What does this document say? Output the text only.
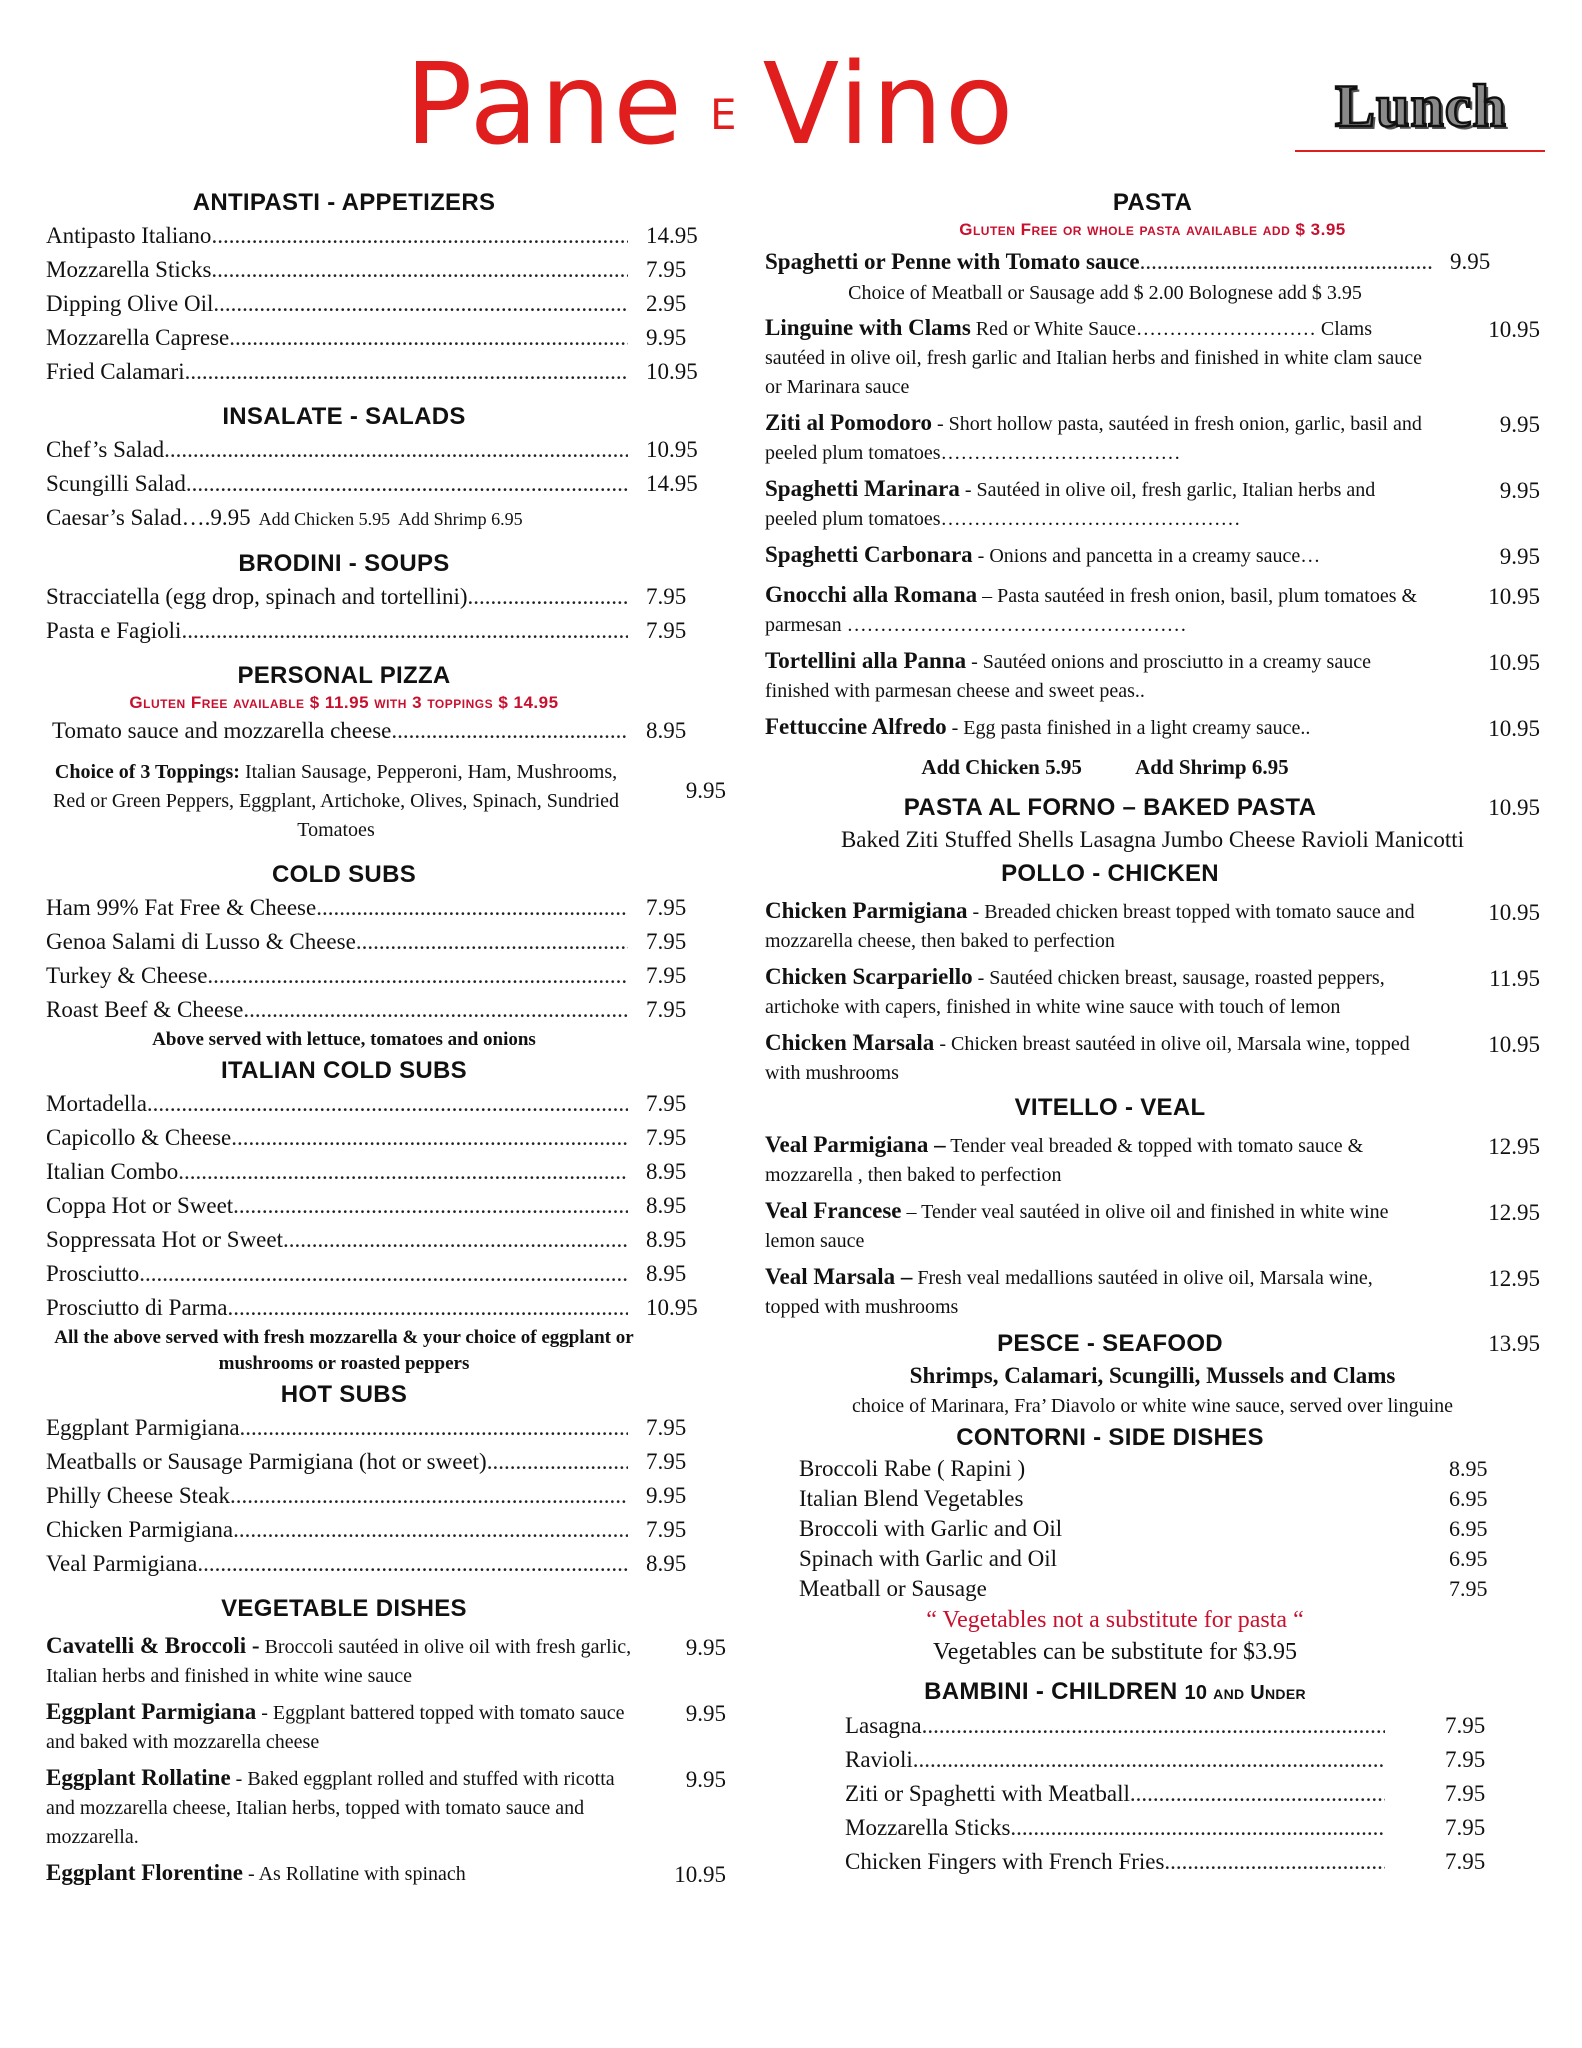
Pane E Vino	Lunch
ANTIPASTI - APPETIZERS
Antipasto Italiano .....	14.95
Mozzarella Sticks .....	7.95
Dipping Olive Oil .....	2.95
Mozzarella Caprese .....	9.95
Fried Calamari .....	10.95
INSALATE - SALADS
Chef’s Salad .....	10.95
Scungilli Salad .....	14.95
Caesar’s Salad….9.95 Add Chicken 5.95 Add Shrimp 6.95
BRODINI - SOUPS
Stracciatella (egg drop, spinach and tortellini) .....	7.95
Pasta e Fagioli .....	7.95
PERSONAL PIZZA
Gluten Free available $ 11.95 with 3 toppings $ 14.95
Tomato sauce and mozzarella cheese .....	8.95
Choice of 3 Toppings: Italian Sausage, Pepperoni, Ham, Mushrooms, Red or Green Peppers, Eggplant, Artichoke, Olives, Spinach, Sundried Tomatoes
9.95
COLD SUBS
Ham 99% Fat Free & Cheese .....	7.95
Genoa Salami di Lusso & Cheese .....	7.95
Turkey & Cheese .....	7.95
Roast Beef & Cheese .....	7.95
Above served with lettuce, tomatoes and onions
ITALIAN COLD SUBS
Mortadella .....	7.95
Capicollo & Cheese .....	7.95
Italian Combo .....	8.95
Coppa Hot or Sweet .....	8.95
Soppressata Hot or Sweet .....	8.95
Prosciutto .....	8.95
Prosciutto di Parma .....	10.95
All the above served with fresh mozzarella & your choice of eggplant or mushrooms or roasted peppers
HOT SUBS
Eggplant Parmigiana .....	7.95
Meatballs or Sausage Parmigiana (hot or sweet) .....	7.95
Philly Cheese Steak .....	9.95
Chicken Parmigiana .....	7.95
Veal Parmigiana .....	8.95
VEGETABLE DISHES
Cavatelli & Broccoli - Broccoli sautéed in olive oil with fresh garlic, Italian herbs and finished in white wine sauce
9.95
Eggplant Parmigiana - Eggplant battered topped with tomato sauce and baked with mozzarella cheese
9.95
Eggplant Rollatine - Baked eggplant rolled and stuffed with ricotta and mozzarella cheese, Italian herbs, topped with tomato sauce and mozzarella.
9.95
Eggplant Florentine - As Rollatine with spinach	10.95
PASTA
Gluten Free or whole pasta available add $ 3.95
Spaghetti or Penne with Tomato sauce .....	9.95
Choice of Meatball or Sausage add $ 2.00 Bolognese add $ 3.95
Linguine with Clams Red or White Sauce……………………… Clams sautéed in olive oil, fresh garlic and Italian herbs and finished in white clam sauce or Marinara sauce
10.95
Ziti al Pomodoro - Short hollow pasta, sautéed in fresh onion, garlic, basil and peeled plum tomatoes………………………………
9.95
Spaghetti Marinara - Sautéed in olive oil, fresh garlic, Italian herbs and peeled plum tomatoes………………………………………
9.95
Spaghetti Carbonara - Onions and pancetta in a creamy sauce…	9.95
Gnocchi alla Romana – Pasta sautéed in fresh onion, basil, plum tomatoes & parmesan ……………………………………………
10.95
Tortellini alla Panna - Sautéed onions and prosciutto in a creamy sauce finished with parmesan cheese and sweet peas..
10.95
Fettuccine Alfredo - Egg pasta finished in a light creamy sauce..	10.95
Add Chicken 5.95	Add Shrimp 6.95
PASTA AL FORNO – BAKED PASTA	10.95
Baked Ziti Stuffed Shells Lasagna Jumbo Cheese Ravioli Manicotti
POLLO - CHICKEN
Chicken Parmigiana - Breaded chicken breast topped with tomato sauce and mozzarella cheese, then baked to perfection
10.95
Chicken Scarpariello - Sautéed chicken breast, sausage, roasted peppers, artichoke with capers, finished in white wine sauce with touch of lemon
11.95
Chicken Marsala - Chicken breast sautéed in olive oil, Marsala wine, topped with mushrooms
10.95
VITELLO - VEAL
Veal Parmigiana – Tender veal breaded & topped with tomato sauce & mozzarella , then baked to perfection
12.95
Veal Francese – Tender veal sautéed in olive oil and finished in white wine lemon sauce
12.95
Veal Marsala – Fresh veal medallions sautéed in olive oil, Marsala wine, topped with mushrooms
12.95
PESCE - SEAFOOD	13.95
Shrimps, Calamari, Scungilli, Mussels and Clams
choice of Marinara, Fra’ Diavolo or white wine sauce, served over linguine
CONTORNI - SIDE DISHES
Broccoli Rabe ( Rapini )	8.95
Italian Blend Vegetables	6.95
Broccoli with Garlic and Oil	6.95
Spinach with Garlic and Oil	6.95
Meatball or Sausage	7.95
“ Vegetables not a substitute for pasta “
Vegetables can be substitute for $3.95
BAMBINI - CHILDREN 10 and Under
Lasagna .....	7.95
Ravioli .....	7.95
Ziti or Spaghetti with Meatball .....	7.95
Mozzarella Sticks .....	7.95
Chicken Fingers with French Fries .....	7.95
